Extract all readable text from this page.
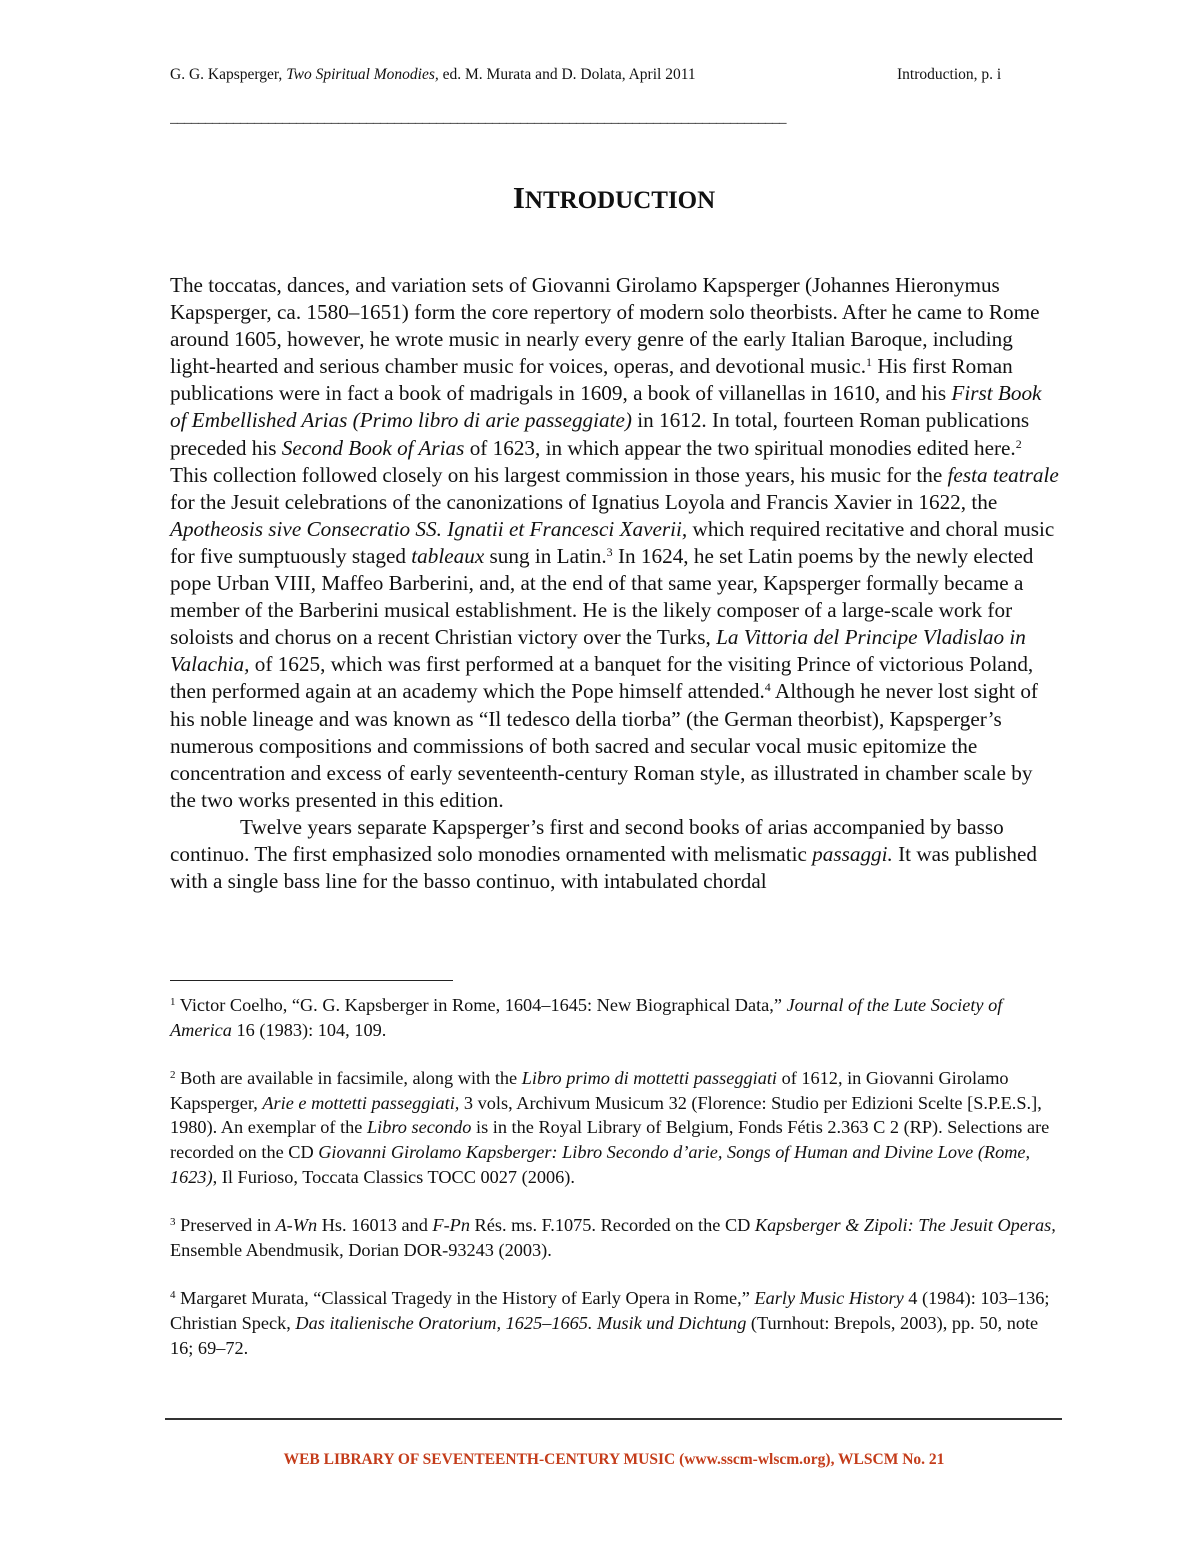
G. G. Kapsperger, Two Spiritual Monodies, ed. M. Murata and D. Dolata, April 2011	Introduction, p. i
________________________________________________________________________________________
INTRODUCTION

The toccatas, dances, and variation sets of Giovanni Girolamo Kapsperger (Johannes Hieronymus Kapsperger, ca. 1580–1651) form the core repertory of modern solo theorbists. After he came to Rome around 1605, however, he wrote music in nearly every genre of the early Italian Baroque, including light-hearted and serious chamber music for voices, operas, and devotional music.$^1$ His first Roman publications were in fact a book of madrigals in 1609, a book of villanellas in 1610, and his First Book of Embellished Arias (Primo libro di arie passeggiate) in 1612. In total, fourteen Roman publications preceded his Second Book of Arias of 1623, in which appear the two spiritual monodies edited here.$^2$ This collection followed closely on his largest commission in those years, his music for the festa teatrale for the Jesuit celebrations of the canonizations of Ignatius Loyola and Francis Xavier in 1622, the Apotheosis sive Consecratio SS. Ignatii et Francesci Xaverii, which required recitative and choral music for five sumptuously staged tableaux sung in Latin.$^3$ In 1624, he set Latin poems by the newly elected pope Urban VIII, Maffeo Barberini, and, at the end of that same year, Kapsperger formally became a member of the Barberini musical establishment. He is the likely composer of a large-scale work for soloists and chorus on a recent Christian victory over the Turks, La Vittoria del Principe Vladislao in Valachia, of 1625, which was first performed at a banquet for the visiting Prince of victorious Poland, then performed again at an academy which the Pope himself attended.$^4$ Although he never lost sight of his noble lineage and was known as “Il tedesco della tiorba” (the German theorbist), Kapsperger’s numerous compositions and commissions of both sacred and secular vocal music epitomize the concentration and excess of early seventeenth-century Roman style, as illustrated in chamber scale by the two works presented in this edition.

Twelve years separate Kapsperger’s first and second books of arias accompanied by basso continuo. The first emphasized solo monodies ornamented with melismatic passaggi. It was published with a single bass line for the basso continuo, with intabulated chordal

$^1$ Victor Coelho, “G. G. Kapsberger in Rome, 1604–1645: New Biographical Data,” Journal of the Lute Society of America 16 (1983): 104, 109.

$^2$ Both are available in facsimile, along with the Libro primo di mottetti passeggiati of 1612, in Giovanni Girolamo Kapsperger, Arie e mottetti passeggiati, 3 vols, Archivum Musicum 32 (Florence: Studio per Edizioni Scelte [S.P.E.S.], 1980). An exemplar of the Libro secondo is in the Royal Library of Belgium, Fonds Fétis 2.363 C 2 (RP). Selections are recorded on the CD Giovanni Girolamo Kapsberger: Libro Secondo d’arie, Songs of Human and Divine Love (Rome, 1623), Il Furioso, Toccata Classics TOCC 0027 (2006).

$^3$ Preserved in A-Wn Hs. 16013 and F-Pn Rés. ms. F.1075. Recorded on the CD Kapsberger & Zipoli: The Jesuit Operas, Ensemble Abendmusik, Dorian DOR-93243 (2003).

$^4$ Margaret Murata, “Classical Tragedy in the History of Early Opera in Rome,” Early Music History 4 (1984): 103–136; Christian Speck, Das italienische Oratorium, 1625–1665. Musik und Dichtung (Turnhout: Brepols, 2003), pp. 50, note 16; 69–72.

WEB LIBRARY OF SEVENTEENTH-CENTURY MUSIC (www.sscm-wlscm.org), WLSCM No. 21
